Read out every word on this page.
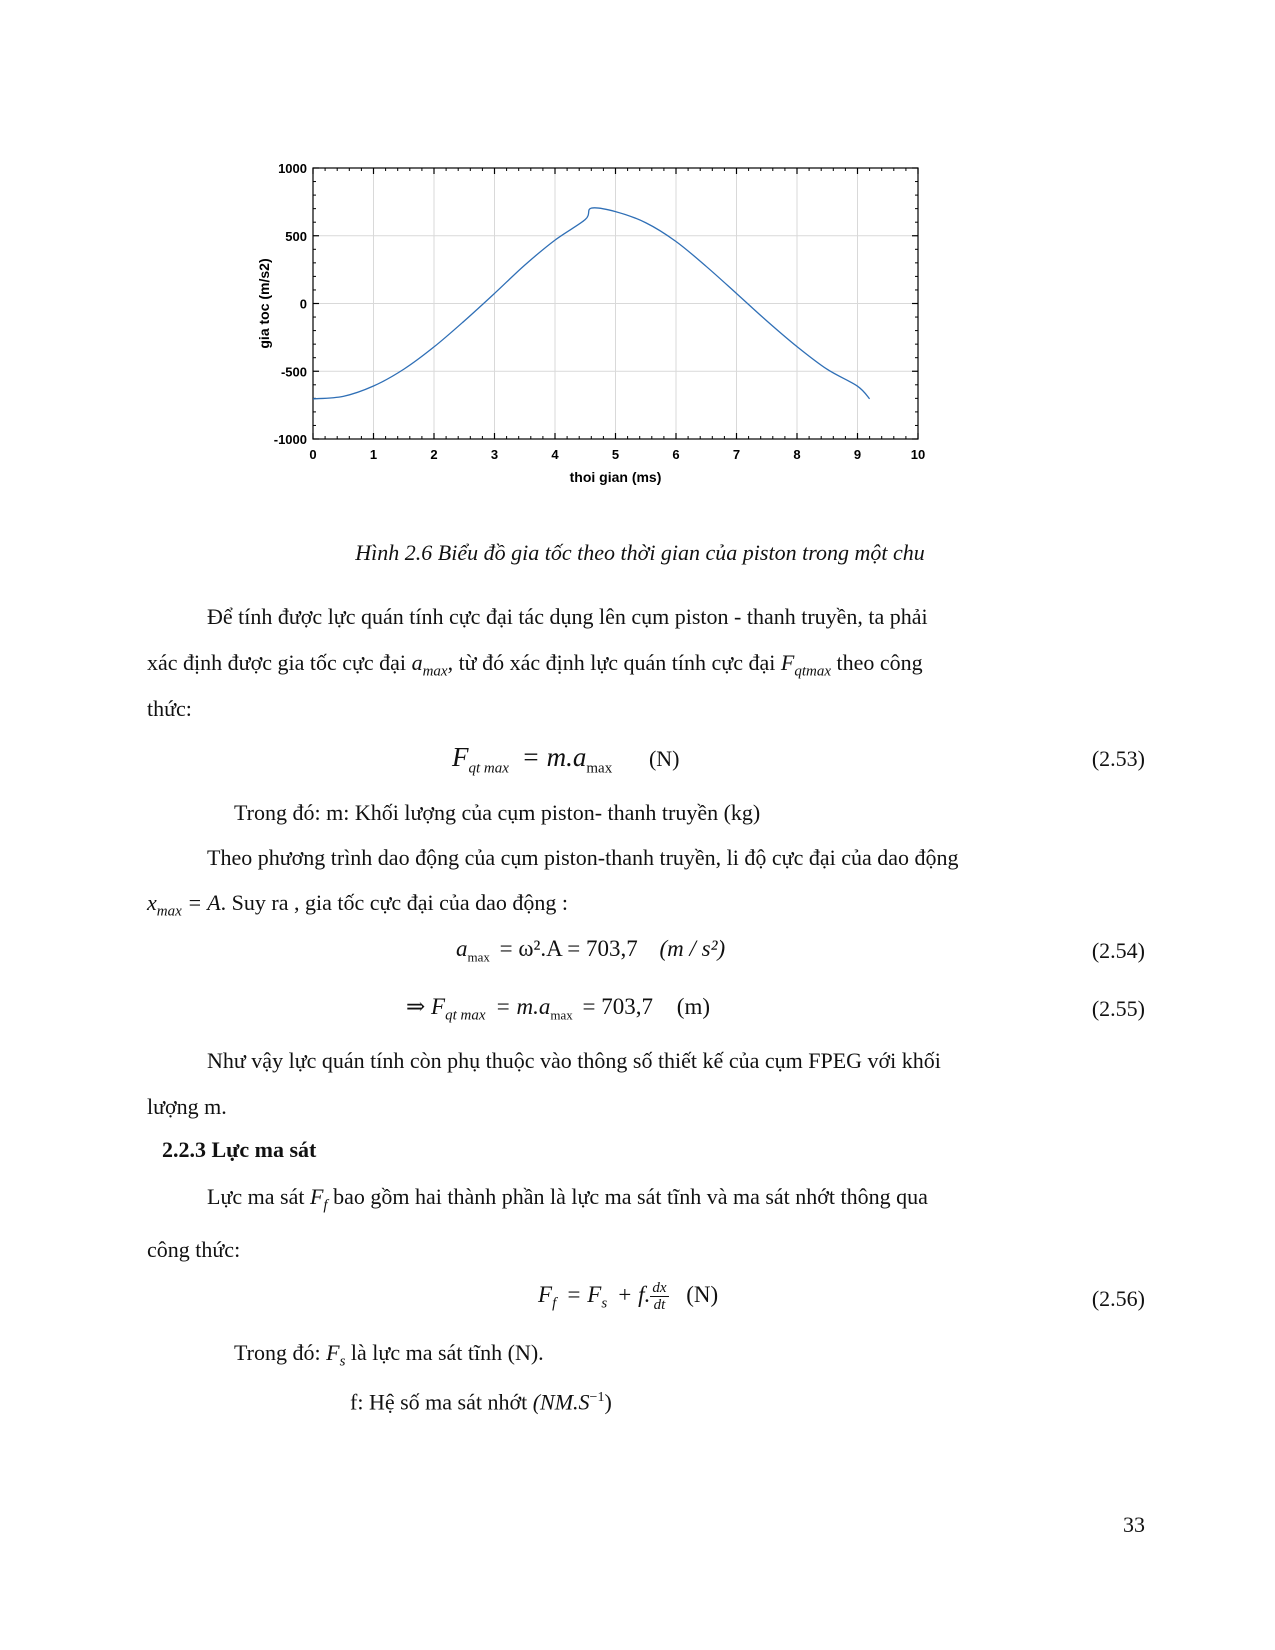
0	1	2	3	4	5	6	7	8	9	10
1000
500
0
-500
-1000
thoi gian (ms)
gia toc (m/s2)
Hình 2.6 Biểu đồ gia tốc theo thời gian của piston trong một chu
Để tính được lực quán tính cực đại tác dụng lên cụm piston - thanh truyền, ta phải
xác định được gia tốc cực đại $a_{max}$, từ đó xác định lực quán tính cực đại $F_{qtmax}$ theo công
thức:
$F_{qt max} = m.a_{max}$ (N)	(2.53)
Trong đó: m: Khối lượng của cụm piston- thanh truyền (kg)
Theo phương trình dao động của cụm piston-thanh truyền, li độ cực đại của dao động
$x_{max} = A$. Suy ra , gia tốc cực đại của dao động :
$a_{max} = \omega^2.A = 703,7$ (m / s²)	(2.54)
⇒ $F_{qt max} = m.a_{max} = 703,7$ (m)	(2.55)
Như vậy lực quán tính còn phụ thuộc vào thông số thiết kế của cụm FPEG với khối
lượng m.
2.2.3 Lực ma sát
Lực ma sát $F_f$ bao gồm hai thành phần là lực ma sát tĩnh và ma sát nhớt thông qua
công thức:
$F_f = F_s + f$. $\frac{dx}{dt} (N)$	(2.56)
Trong đó: $F_s$ là lực ma sát tĩnh (N).
f: Hệ số ma sát nhớt $(NM.S^{-1})$
33
